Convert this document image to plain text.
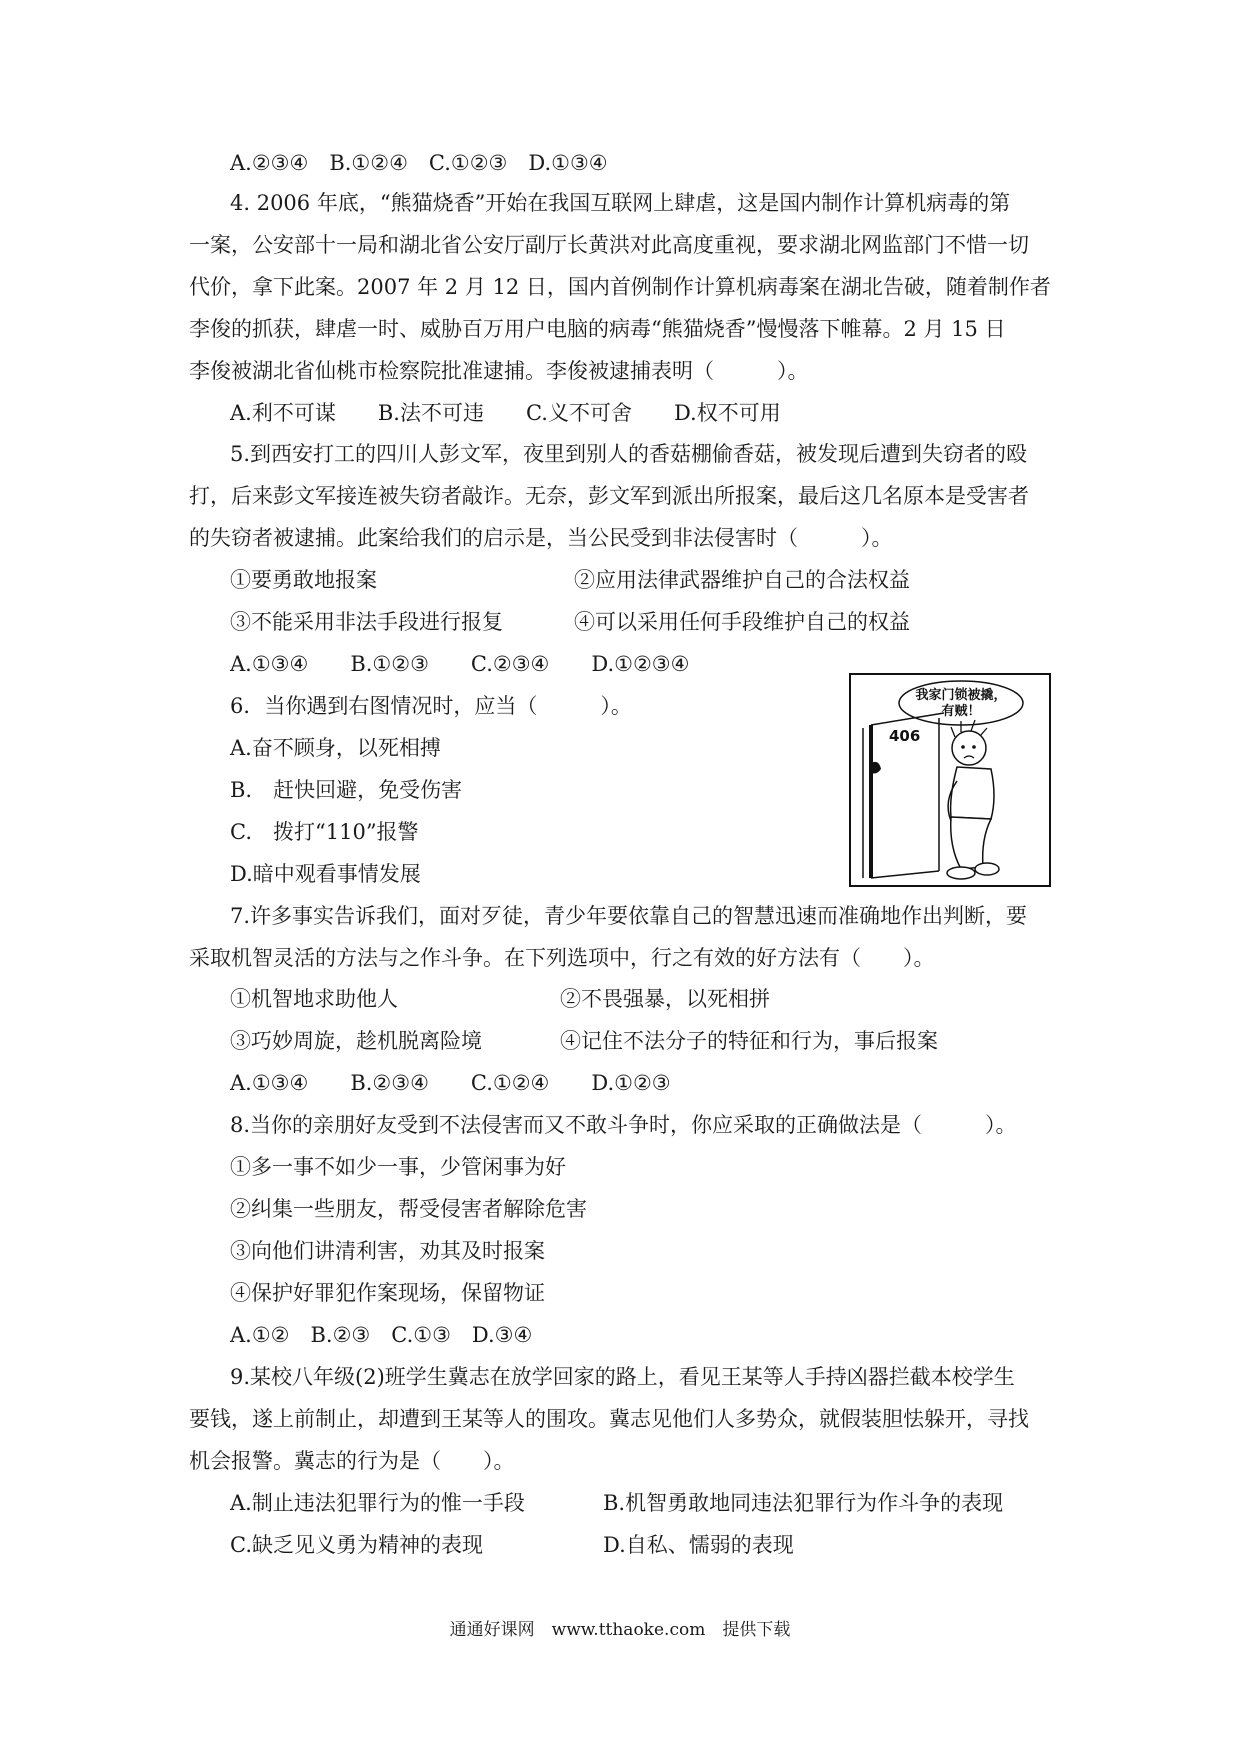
A.②③④　B.①②④　C.①②③　D.①③④
4. 2006 年底，“熊猫烧香”开始在我国互联网上肆虐，这是国内制作计算机病毒的第
一案，公安部十一局和湖北省公安厅副厅长黄洪对此高度重视，要求湖北网监部门不惜一切
代价，拿下此案。2007 年 2 月 12 日，国内首例制作计算机病毒案在湖北告破，随着制作者
李俊的抓获，肆虐一时、威胁百万用户电脑的病毒“熊猫烧香”慢慢落下帷幕。2 月 15 日
李俊被湖北省仙桃市检察院批准逮捕。李俊被逮捕表明（　　　）。
A.利不可谋　　B.法不可违　　C.义不可舍　　D.权不可用
5.到西安打工的四川人彭文军，夜里到别人的香菇棚偷香菇，被发现后遭到失窃者的殴
打，后来彭文军接连被失窃者敲诈。无奈，彭文军到派出所报案，最后这几名原本是受害者
的失窃者被逮捕。此案给我们的启示是，当公民受到非法侵害时（　　　）。
①要勇敢地报案	②应用法律武器维护自己的合法权益
③不能采用非法手段进行报复	④可以采用任何手段维护自己的权益
A.①③④　　B.①②③　　C.②③④　　D.①②③④
6．当你遇到右图情况时，应当（　　　）。
A.奋不顾身，以死相搏
B.　赶快回避，免受伤害
C.　拨打“110”报警
D.暗中观看事情发展
7.许多事实告诉我们，面对歹徒，青少年要依靠自己的智慧迅速而准确地作出判断，要
采取机智灵活的方法与之作斗争。在下列选项中，行之有效的好方法有（　　）。
①机智地求助他人	②不畏强暴，以死相拼
③巧妙周旋，趁机脱离险境	④记住不法分子的特征和行为，事后报案
A.①③④　　B.②③④　　C.①②④　　D.①②③
8.当你的亲朋好友受到不法侵害而又不敢斗争时，你应采取的正确做法是（　　　）。
①多一事不如少一事，少管闲事为好
②纠集一些朋友，帮受侵害者解除危害
③向他们讲清利害，劝其及时报案
④保护好罪犯作案现场，保留物证
A.①②　B.②③　C.①③　D.③④
9.某校八年级(2)班学生冀志在放学回家的路上，看见王某等人手持凶器拦截本校学生
要钱，遂上前制止，却遭到王某等人的围攻。冀志见他们人多势众，就假装胆怯躲开，寻找
机会报警。冀志的行为是（　　）。
A.制止违法犯罪行为的惟一手段	B.机智勇敢地同违法犯罪行为作斗争的表现
C.缺乏见义勇为精神的表现	D.自私、懦弱的表现
我家门锁被撬，
有贼！
406
通通好课网　www.tthaoke.com　提供下载
